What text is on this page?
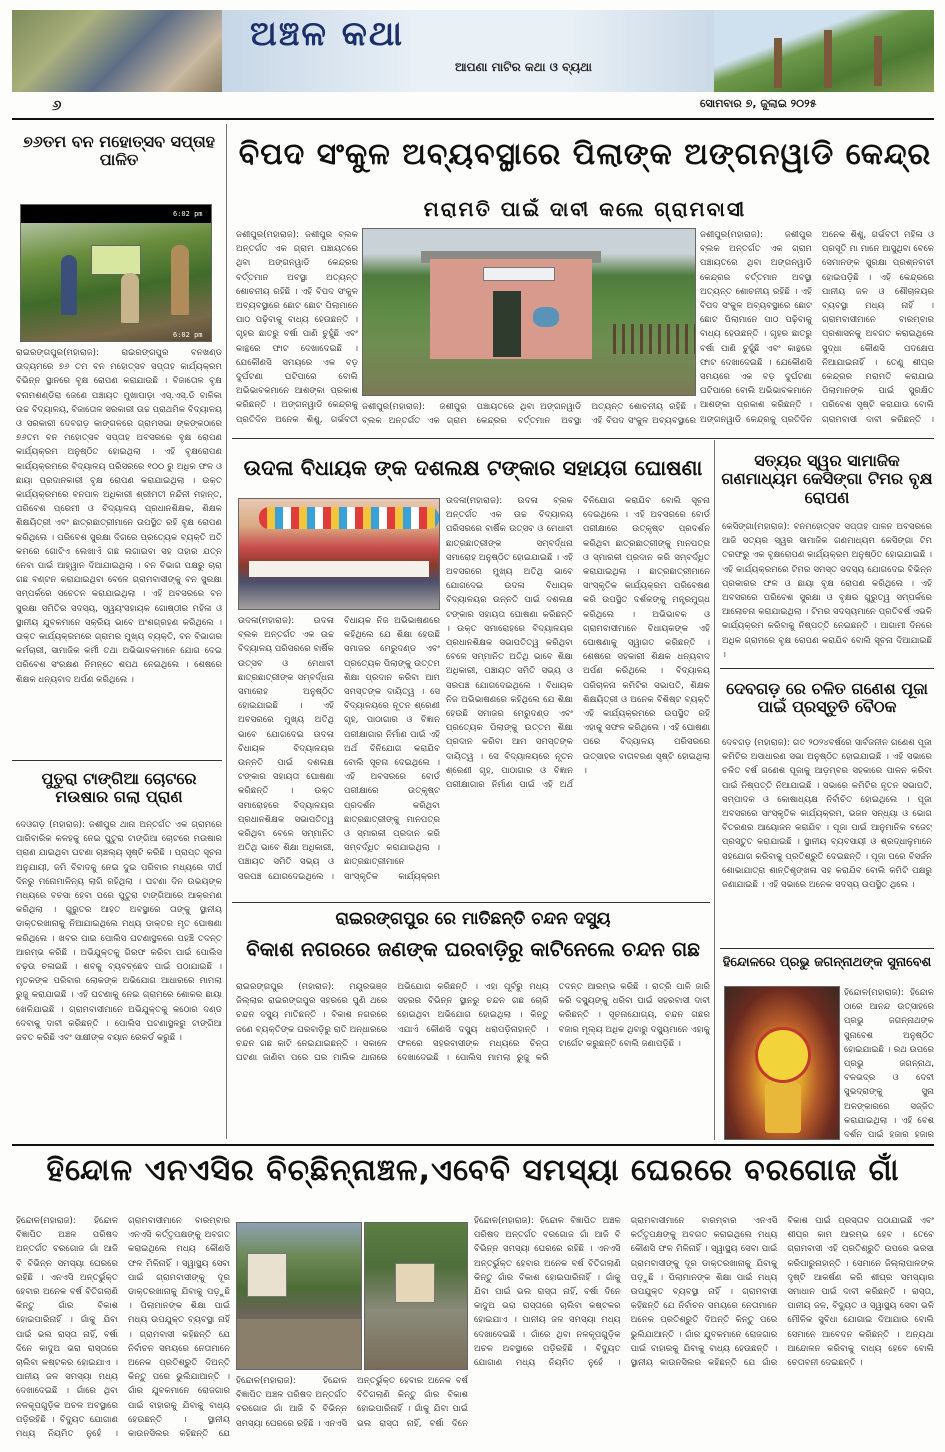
ଅଞ୍ଚଳ କଥା
ଆପଣା ମାଟିର କଥା ଓ ବ୍ୟଥା
୬	ସୋମବାର ୭, ଜୁଲାଇ ୨୦୨୫
୭୬ତମ ବନ ମହୋତ୍ସବ ସପ୍ତାହ ପାଳିତ
6:02 pm
6:02 pm
ରାଇରଙ୍ଗପୁର(ମହାରାଜ): ରାଇରଙ୍ଗପୁର ବନଖଣ୍ଡ ଉଦ୍ୟମରେ ୭୬ ତମ ବନ ମହୋତ୍ସବ ସପ୍ତାହ କାର୍ଯ୍ୟକ୍ରମ ବିଭିନ୍ନ ସ୍ଥାନରେ ବୃକ୍ଷ ରୋପଣ କରାଯାଉଛି । ବିଜାତୋଳ ବୃକ୍ଷ ବନାମଶଣ୍ଡିରା ଜେଣେ ପଞ୍ଚାୟତ ମୁଖାପାଡ଼ା ଏସ୍.ଏସ୍.ଡି ବାଳିକା ଉଚ୍ଚ ବିଦ୍ୟାଳୟ, ବିଜାତୋଳ ସରକାରୀ ଉଚ୍ଚ ପ୍ରାଥମିକ ବିଦ୍ୟାଳୟ ଓ ସରକାରୀ ଦେବଗଡ଼ କାଙ୍ଗଳରେ ଗ୍ରାମସଭା ଙ୍କଙ୍କଠାରେ ୭୬ତମ ବନ ମହୋତ୍ସବ ସପ୍ତାହ ଅବସରରେ ବୃକ୍ଷ ରୋପଣ କାର୍ଯ୍ୟକ୍ରମ ଅନୁଷ୍ଠିତ ହୋଇଥିଲା । ଏହି ବୃକ୍ଷରୋପଣ କାର୍ଯ୍ୟକ୍ରମରେ ବିଦ୍ୟାଳୟ ପରିସରରେ ୧୦୦ ରୁ ଅଧିକ ଫଳ ଓ ଛାୟା ପ୍ରଦାନକାରୀ ବୃକ୍ଷ ରୋପଣ କରାଯାଇଥିଲା । ଉକ୍ତ କାର୍ଯ୍ୟକ୍ରମରେ ବନପାଳ ଅଧିକାରୀ ଶ୍ରୀମତୀ ନନ୍ଦିନୀ ମହାନ୍ତ, ପରିବେଶ ପ୍ରେମୀ ଓ ବିଦ୍ୟାଳୟ ପ୍ରଧାନଶିକ୍ଷକ, ଶିକ୍ଷକ ଶିକ୍ଷୟିତ୍ରୀ ଏବଂ ଛାତ୍ରଛାତ୍ରୀମାନେ ଉପସ୍ଥିତ ରହି ବୃକ୍ଷ ରୋପଣ କରିଥିଲେ । ପରିବେଶ ସୁରକ୍ଷା ଦିଗରେ ପ୍ରତ୍ୟେକ ବ୍ୟକ୍ତି ଅତି କମରେ ଗୋଟିଏ ଲେଖାଏଁ ଗଛ ଲଗାଇବା ସହ ତାହାର ଯତ୍ନ ନେବା ପାଇଁ ଆହ୍ୱାନ ଦିଆଯାଇଥିଲା । ବନ ବିଭାଗ ପକ୍ଷରୁ ଚାରା ଗଛ ବଣ୍ଟନ କରାଯାଇଥିବା ବେଳେ ଗ୍ରାମବାସୀଙ୍କୁ ବନ ସୁରକ୍ଷା ସମ୍ପର୍କରେ ସଚେତନ କରାଯାଇଥିଲା । ଏହି ଅବସରରେ ବନ ସୁରକ୍ଷା ସମିତିର ସଦସ୍ୟ, ସ୍ୱୟଂସହାୟକ ଗୋଷ୍ଠୀର ମହିଳା ଓ ସ୍ଥାନୀୟ ଯୁବକମାନେ ସକ୍ରିୟ ଭାବେ ଅଂଶଗ୍ରହଣ କରିଥିଲେ । ଉକ୍ତ କାର୍ଯ୍ୟକ୍ରମରେ ଗ୍ରାମର ମୁଖ୍ୟ ବ୍ୟକ୍ତି, ବନ ବିଭାଗର କର୍ମଚାରୀ, ସାମାଜିକ କର୍ମୀ ତଥା ଅଭିଭାବକମାନେ ଯୋଗ ଦେଇ ପରିବେଶ ସଂରକ୍ଷଣ ନିମନ୍ତେ ଶପଥ ନେଇଥିଲେ । ଶେଷରେ ଶିକ୍ଷକ ଧନ୍ୟବାଦ ଅର୍ପଣ କରିଥିଲେ ।
ପୁତୁରା ଟାଙ୍ଗିଆ ଚୋଟରେ ମଉଷାର ଗଲା ପ୍ରାଣ
ଦେଓଗଡ଼ (ମହାରାଜ): ଜଶୀପୁର ଥାନା ଅନ୍ତର୍ଗତ ଏକ ଗ୍ରାମରେ ପାରିବାରିକ କଳହକୁ ନେଇ ପୁତୁରା ଟାଙ୍ଗିଆ ଚୋଟରେ ମଉଷାର ପ୍ରାଣ ଯାଇଥିବା ଘଟଣା ଚାଞ୍ଚଲ୍ୟ ସୃଷ୍ଟି କରିଛି । ପ୍ରାପ୍ତ ସୂଚନା ଅନୁଯାୟୀ, ଜମି ବିବାଦକୁ ନେଇ ଦୁଇ ପରିବାର ମଧ୍ୟରେ ଦୀର୍ଘ ଦିନରୁ ମନୋମାଳିନ୍ୟ ଲାଗି ରହିଥିଲା । ଘଟଣା ଦିନ ଉଭୟଙ୍କ ମଧ୍ୟରେ ବଚସା ହେବା ପରେ ପୁତୁରା ଟାଙ୍ଗିଆରେ ଆକ୍ରମଣ କରିଥିଲା । ଗୁରୁତର ଆହତ ଅବସ୍ଥାରେ ତାଙ୍କୁ ସ୍ଥାନୀୟ ଡାକ୍ତରଖାନାକୁ ନିଆଯାଇଥିଲେ ମଧ୍ୟ ଡାକ୍ତର ମୃତ ଘୋଷଣା କରିଥିଲେ । ଖବର ପାଇ ପୋଲିସ ଘଟଣାସ୍ଥଳରେ ପହଞ୍ଚି ତଦନ୍ତ ଆରମ୍ଭ କରିଛି । ଅଭିଯୁକ୍ତକୁ ଗିରଫ କରିବା ପାଇଁ ପୋଲିସ ଚଢ଼ଉ ଚଳାଇଛି । ଶବକୁ ବ୍ୟବଚ୍ଛେଦ ପାଇଁ ପଠାଯାଇଛି । ମୃତକଙ୍କ ପରିବାର ଲୋକଙ୍କ ଅଭିଯୋଗ ଆଧାରରେ ମାମଲା ରୁଜୁ କରାଯାଇଛି । ଏହି ଘଟଣାକୁ ନେଇ ଗ୍ରାମରେ ଶୋକର ଛାୟା ଖେଳିଯାଇଛି । ଗ୍ରାମବାସୀମାନେ ଅଭିଯୁକ୍ତକୁ କଠୋର ଦଣ୍ଡ ଦେବାକୁ ଦାବୀ କରିଛନ୍ତି । ପୋଲିସ ଘଟଣାସ୍ଥଳରୁ ଟାଙ୍ଗିଆ ଜବତ କରିଛି ଏବଂ ସାକ୍ଷୀଙ୍କ ବୟାନ ରେକର୍ଡ କରୁଛି ।
ବିପଦ ସଂକୁଳ ଅବ୍ୟବସ୍ଥାରେ ପିଲାଙ୍କ ଅଙ୍ଗନୱାଡି କେନ୍ଦ୍ର
ମରାମତି ପାଇଁ ଦାବୀ କଲେ ଗ୍ରାମବାସୀ
ଜଶୀପୁର(ମହାରାଜ): ଜଶୀପୁର ବ୍ଲକ ଅନ୍ତର୍ଗତ ଏକ ଗ୍ରାମ ପଞ୍ଚାୟତରେ ଥିବା ଅଙ୍ଗନୱାଡି କେନ୍ଦ୍ରର ବର୍ତ୍ତମାନ ଅବସ୍ଥା ଅତ୍ୟନ୍ତ ଶୋଚନୀୟ ରହିଛି । ଏହି ବିପଦ ସଂକୁଳ ଅବ୍ୟବସ୍ଥାରେ ଛୋଟ ଛୋଟ ପିଲାମାନେ ପାଠ ପଢ଼ିବାକୁ ବାଧ୍ୟ ହେଉଛନ୍ତି । ଗୃହର ଛାତରୁ ବର୍ଷା ପାଣି ଚୁହୁଁଛି ଏବଂ କାନ୍ଥରେ ଫାଟ ଦେଖାଦେଇଛି । ଯେକୌଣସି ସମୟରେ ଏକ ବଡ଼ ଦୁର୍ଘଟଣା ଘଟିପାରେ ବୋଲି ଅଭିଭାବକମାନେ ଆଶଙ୍କା ପ୍ରକାଶ କରିଛନ୍ତି । ଅଙ୍ଗନୱାଡି କେନ୍ଦ୍ରକୁ ପ୍ରତିଦିନ ଅନେକ ଶିଶୁ, ଗର୍ଭବତୀ
ଜଶୀପୁର(ମହାରାଜ): ଜଶୀପୁର ବ୍ଲକ ଅନ୍ତର୍ଗତ ଏକ ଗ୍ରାମ ପଞ୍ଚାୟତରେ ଥିବା ଅଙ୍ଗନୱାଡି କେନ୍ଦ୍ରର ବର୍ତ୍ତମାନ ଅବସ୍ଥା ଅତ୍ୟନ୍ତ ଶୋଚନୀୟ ରହିଛି । ଏହି ବିପଦ ସଂକୁଳ ଅବ୍ୟବସ୍ଥାରେ
ଜଶୀପୁର(ମହାରାଜ): ଜଶୀପୁର ବ୍ଲକ ଅନ୍ତର୍ଗତ ଏକ ଗ୍ରାମ ପଞ୍ଚାୟତରେ ଥିବା ଅଙ୍ଗନୱାଡି କେନ୍ଦ୍ରର ବର୍ତ୍ତମାନ ଅବସ୍ଥା ଅତ୍ୟନ୍ତ ଶୋଚନୀୟ ରହିଛି । ଏହି ବିପଦ ସଂକୁଳ ଅବ୍ୟବସ୍ଥାରେ ଛୋଟ ଛୋଟ ପିଲାମାନେ ପାଠ ପଢ଼ିବାକୁ ବାଧ୍ୟ ହେଉଛନ୍ତି । ଗୃହର ଛାତରୁ ବର୍ଷା ପାଣି ଚୁହୁଁଛି ଏବଂ କାନ୍ଥରେ ଫାଟ ଦେଖାଦେଇଛି । ଯେକୌଣସି ସମୟରେ ଏକ ବଡ଼ ଦୁର୍ଘଟଣା ଘଟିପାରେ ବୋଲି ଅଭିଭାବକମାନେ ଆଶଙ୍କା ପ୍ରକାଶ କରିଛନ୍ତି । ଅଙ୍ଗନୱାଡି କେନ୍ଦ୍ରକୁ ପ୍ରତିଦିନ ଅନେକ ଶିଶୁ, ଗର୍ଭବତୀ ମହିଳା ଓ ପ୍ରସୂତି ମା ମାନେ ଆସୁଥିବା ବେଳେ ସେମାନଙ୍କ ସୁରକ୍ଷା ପ୍ରଶ୍ନବାଚୀ ହୋଇପଡ଼ିଛି । ଏହି କେନ୍ଦ୍ରରେ ପାନୀୟ ଜଳ ଓ ଶୌଚାଳୟର ବ୍ୟବସ୍ଥା ମଧ୍ୟ ନାହିଁ । ଗ୍ରାମବାସୀମାନେ ବାରମ୍ବାର ପ୍ରଶାସନକୁ ଅବଗତ କରାଇଥିଲେ ସୁଦ୍ଧା କୌଣସି ପଦକ୍ଷେପ ନିଆଯାଇନାହିଁ । ତେଣୁ ଶୀଘ୍ର କେନ୍ଦ୍ରର ମରାମତି କରାଯାଇ ପିଲାମାନଙ୍କ ପାଇଁ ସୁରକ୍ଷିତ ପରିବେଶ ସୃଷ୍ଟି କରାଯାଉ ବୋଲି ଗ୍ରାମବାସୀ ଦାବୀ କରିଛନ୍ତି ।
ଉଦଳା ବିଧାୟକ ଙ୍କ ଦଶଲକ୍ଷ ଟଙ୍କାର ସହାୟତା ଘୋଷଣା
ଉଦଳା(ମହାରାଜ): ଉଦଳା ବ୍ଲକ ଅନ୍ତର୍ଗତ ଏକ ଉଚ୍ଚ ବିଦ୍ୟାଳୟ ପରିସରରେ ବାର୍ଷିକ ଉତ୍ସବ ଓ ମେଧାବୀ ଛାତ୍ରଛାତ୍ରୀଙ୍କ ସମ୍ବର୍ଦ୍ଧନା ସମାରୋହ ଅନୁଷ୍ଠିତ ହୋଇଯାଇଛି । ଏହି ଅବସରରେ ମୁଖ୍ୟ ଅତିଥି ଭାବେ ଯୋଗଦେଇ ଉଦଳା ବିଧାୟକ ବିଦ୍ୟାଳୟର ଉନ୍ନତି ପାଇଁ ଦଶଲକ୍ଷ ଟଙ୍କାର ସହାୟତା ଘୋଷଣା କରିଛନ୍ତି । ଉକ୍ତ ସମାରୋହରେ ବିଦ୍ୟାଳୟର ପ୍ରଧାନଶିକ୍ଷକ ସଭାପତିତ୍ୱ କରିଥିବା ବେଳେ ସମ୍ମାନିତ ଅତିଥି ଭାବେ ଶିକ୍ଷା ଅଧିକାରୀ, ପଞ୍ଚାୟତ ସମିତି ସଭ୍ୟ ଓ ସରପଞ୍ଚ ଯୋଗଦେଇଥିଲେ । ବିଧାୟକ ନିଜ ଅଭିଭାଷଣରେ କହିଥିଲେ ଯେ ଶିକ୍ଷା ହେଉଛି ସମାଜର ମେରୁଦଣ୍ଡ ଏବଂ ପ୍ରତ୍ୟେକ ପିଲାଙ୍କୁ ଉତ୍ତମ ଶିକ୍ଷା ପ୍ରଦାନ କରିବା ଆମ ସମସ୍ତଙ୍କ ଦାୟିତ୍ୱ । ସେ ବିଦ୍ୟାଳୟରେ ନୂତନ ଶ୍ରେଣୀ ଗୃହ, ପାଠାଗାର ଓ ବିଜ୍ଞାନ ପରୀକ୍ଷାଗାର ନିର୍ମାଣ ପାଇଁ ଏହି ଅର୍ଥ ବିନିଯୋଗ କରାଯିବ ବୋଲି ସୂଚନା ଦେଇଥିଲେ । ଏହି ଅବସରରେ ବୋର୍ଡ ପରୀକ୍ଷାରେ ଉତ୍କୃଷ୍ଟ ପ୍ରଦର୍ଶନ କରିଥିବା ଛାତ୍ରଛାତ୍ରୀଙ୍କୁ ମାନପତ୍ର ଓ ସ୍ମାରକୀ ପ୍ରଦାନ କରି ସମ୍ବର୍ଦ୍ଧିତ କରାଯାଇଥିଲା । ଛାତ୍ରଛାତ୍ରୀମାନେ ସାଂସ୍କୃତିକ କାର୍ଯ୍ୟକ୍ରମ
ଉଦଳା(ମହାରାଜ): ଉଦଳା ବ୍ଲକ ଅନ୍ତର୍ଗତ ଏକ ଉଚ୍ଚ ବିଦ୍ୟାଳୟ ପରିସରରେ ବାର୍ଷିକ ଉତ୍ସବ ଓ ମେଧାବୀ ଛାତ୍ରଛାତ୍ରୀଙ୍କ ସମ୍ବର୍ଦ୍ଧନା ସମାରୋହ ଅନୁଷ୍ଠିତ ହୋଇଯାଇଛି । ଏହି ଅବସରରେ ମୁଖ୍ୟ ଅତିଥି ଭାବେ ଯୋଗଦେଇ ଉଦଳା ବିଧାୟକ ବିଦ୍ୟାଳୟର ଉନ୍ନତି ପାଇଁ ଦଶଲକ୍ଷ ଟଙ୍କାର ସହାୟତା ଘୋଷଣା କରିଛନ୍ତି । ଉକ୍ତ ସମାରୋହରେ ବିଦ୍ୟାଳୟର ପ୍ରଧାନଶିକ୍ଷକ ସଭାପତିତ୍ୱ କରିଥିବା ବେଳେ ସମ୍ମାନିତ ଅତିଥି ଭାବେ ଶିକ୍ଷା ଅଧିକାରୀ, ପଞ୍ଚାୟତ ସମିତି ସଭ୍ୟ ଓ ସରପଞ୍ଚ ଯୋଗଦେଇଥିଲେ । ବିଧାୟକ ନିଜ ଅଭିଭାଷଣରେ କହିଥିଲେ ଯେ ଶିକ୍ଷା ହେଉଛି ସମାଜର ମେରୁଦଣ୍ଡ ଏବଂ ପ୍ରତ୍ୟେକ ପିଲାଙ୍କୁ ଉତ୍ତମ ଶିକ୍ଷା ପ୍ରଦାନ କରିବା ଆମ ସମସ୍ତଙ୍କ ଦାୟିତ୍ୱ । ସେ ବିଦ୍ୟାଳୟରେ ନୂତନ ଶ୍ରେଣୀ ଗୃହ, ପାଠାଗାର ଓ ବିଜ୍ଞାନ ପରୀକ୍ଷାଗାର ନିର୍ମାଣ ପାଇଁ ଏହି ଅର୍ଥ ବିନିଯୋଗ କରାଯିବ ବୋଲି ସୂଚନା ଦେଇଥିଲେ । ଏହି ଅବସରରେ ବୋର୍ଡ ପରୀକ୍ଷାରେ ଉତ୍କୃଷ୍ଟ ପ୍ରଦର୍ଶନ କରିଥିବା ଛାତ୍ରଛାତ୍ରୀଙ୍କୁ ମାନପତ୍ର ଓ ସ୍ମାରକୀ ପ୍ରଦାନ କରି ସମ୍ବର୍ଦ୍ଧିତ କରାଯାଇଥିଲା । ଛାତ୍ରଛାତ୍ରୀମାନେ ସାଂସ୍କୃତିକ କାର୍ଯ୍ୟକ୍ରମ ପରିବେଷଣ କରି ଉପସ୍ଥିତ ଦର୍ଶକଙ୍କୁ ମନ୍ତ୍ରମୁଗ୍ଧ କରିଥିଲେ । ଅଭିଭାବକ ଓ ଗ୍ରାମବାସୀମାନେ ବିଧାୟକଙ୍କ ଏହି ଘୋଷଣାକୁ ସ୍ୱାଗତ କରିଛନ୍ତି । ଶେଷରେ ସହକାରୀ ଶିକ୍ଷକ ଧନ୍ୟବାଦ ଅର୍ପଣ କରିଥିଲେ । ବିଦ୍ୟାଳୟ ପରିଚାଳନା କମିଟିର ସଭାପତି, ଶିକ୍ଷକ ଶିକ୍ଷୟିତ୍ରୀ ଓ ଅନେକ ବିଶିଷ୍ଟ ବ୍ୟକ୍ତି ଏହି କାର୍ଯ୍ୟକ୍ରମରେ ଉପସ୍ଥିତ ରହି ଏହାକୁ ସଫଳ କରିଥିଲେ । ଏହି ଘୋଷଣା ପରେ ବିଦ୍ୟାଳୟ ପରିସରରେ ଉତ୍ସାହର ବାତାବରଣ ସୃଷ୍ଟି ହୋଇଥିଲା ।
ସତ୍ୟର ସ୍ୱର ସାମାଜିକ ଗଣମାଧ୍ୟମ କେସିଙ୍ଗା ଟିମର ବୃକ୍ଷ ରୋପଣ
କେସିଙ୍ଗା(ମହାରାଜ): ବନମହୋତ୍ସବ ସପ୍ତାହ ପାଳନ ଅବସରରେ ଆଜି ସତ୍ୟର ସ୍ୱର ସାମାଜିକ ଗଣମାଧ୍ୟମ କେସିଙ୍ଗା ଟିମ ତରଫରୁ ଏକ ବୃକ୍ଷରୋପଣ କାର୍ଯ୍ୟକ୍ରମ ଅନୁଷ୍ଠିତ ହୋଇଯାଇଛି । ଏହି କାର୍ଯ୍ୟକ୍ରମରେ ଟିମର ସମସ୍ତ ସଦସ୍ୟ ଯୋଗଦେଇ ବିଭିନ୍ନ ପ୍ରକାରର ଫଳ ଓ ଛାୟା ବୃକ୍ଷ ରୋପଣ କରିଥିଲେ । ଏହି ଅବସରରେ ପରିବେଶ ସୁରକ୍ଷା ଓ ବୃକ୍ଷର ଗୁରୁତ୍ୱ ସମ୍ପର୍କରେ ଆଲୋଚନା କରାଯାଇଥିଲା । ଟିମର ସଦସ୍ୟମାନେ ପ୍ରତିବର୍ଷ ଏଭଳି କାର୍ଯ୍ୟକ୍ରମ କରିବାକୁ ନିଷ୍ପତ୍ତି ନେଇଛନ୍ତି । ଆଗାମୀ ଦିନରେ ଅଧିକ ଗ୍ରାମରେ ବୃକ୍ଷ ରୋପଣ କରାଯିବ ବୋଲି ସୂଚନା ଦିଆଯାଇଛି ।
ଦେବଗଡ଼ ରେ ଚଳିତ ଗଣେଶ ପୂଜା ପାଇଁ ପ୍ରସ୍ତୁତି ବୈଠକ
ଦେବଗଡ଼ (ମହାରାଜ): ଗତ ୨୦୨୪ବର୍ଷରେ ସାର୍ବଜନୀନ ଗଣେଶ ପୂଜା କମିଟିର ଅସାଧାରଣ ସଭା ଅନୁଷ୍ଠିତ ହୋଇଯାଇଛି । ଏହି ସଭାରେ ଚଳିତ ବର୍ଷ ଗଣେଶ ପୂଜାକୁ ଆଡ଼ମ୍ବର ସହକାରେ ପାଳନ କରିବା ପାଇଁ ନିଷ୍ପତ୍ତି ନିଆଯାଇଛି । ସଭାରେ କମିଟିର ନୂତନ ସଭାପତି, ସମ୍ପାଦକ ଓ କୋଷାଧ୍ୟକ୍ଷ ନିର୍ବାଚିତ ହୋଇଥିଲେ । ପୂଜା ଅବସରରେ ସାଂସ୍କୃତିକ କାର୍ଯ୍ୟକ୍ରମ, ଭଜନ ସନ୍ଧ୍ୟା ଓ ଭୋଗ ବିତରଣର ଆୟୋଜନ କରାଯିବ । ପୂଜା ପାଇଁ ଆନୁମାନିକ ବଜେଟ୍ ପ୍ରସ୍ତୁତ କରାଯାଇଛି । ସ୍ଥାନୀୟ ବ୍ୟବସାୟୀ ଓ ଶ୍ରଦ୍ଧାଳୁମାନେ ସହଯୋଗ କରିବାକୁ ପ୍ରତିଶ୍ରୁତି ଦେଇଛନ୍ତି । ପୂଜା ପରେ ବିସର୍ଜନ ଶୋଭାଯାତ୍ରା ଶାନ୍ତିଶୃଙ୍ଖଳା ସହ କରାଯିବ ବୋଲି କମିଟି ପକ୍ଷରୁ ଜଣାଯାଇଛି । ଏହି ସଭାରେ ଅନେକ ସଦସ୍ୟ ଉପସ୍ଥିତ ଥିଲେ ।
ହିନ୍ଦୋଳରେ ପ୍ରଭୁ ଜଗନ୍ନାଥଙ୍କ ସୁନାବେଶ
ହିନ୍ଦୋଳ(ମହାରାଜ): ହିନ୍ଦୋଳ ଠାରେ ଆନନ୍ଦ ଉତ୍ସାହରେ ପ୍ରଭୁ ଜଗନ୍ନାଥଙ୍କ ସୁନାବେଶ ଅନୁଷ୍ଠିତ ହୋଇଯାଇଛି । ରଥ ଉପରେ ପ୍ରଭୁ ଜଗନ୍ନାଥ, ବଳଭଦ୍ର ଓ ଦେବୀ ସୁଭଦ୍ରାଙ୍କୁ ସୁନା ଅଳଙ୍କାରରେ ସଜ୍ଜିତ କରାଯାଇଥିଲା । ଏହି ବେଶ ଦର୍ଶନ ପାଇଁ ହଜାର ହଜାର
ରାଇରଙ୍ଗପୁର ରେ ମାତିଛନ୍ତି ଚନ୍ଦନ ଦସ୍ୟୁ
ବିକାଶ ନଗରରେ ଜଣଙ୍କ ଘରବାଡ଼ିରୁ କାଟିନେଲେ ଚନ୍ଦନ ଗଛ
ରାଇରଙ୍ଗପୁର (ମହାରାଜ): ମୟୂରଭଞ୍ଜ ଜିଲ୍ଲାର ରାଇରଙ୍ଗପୁର ସହରରେ ପୁଣି ଥରେ ଚନ୍ଦନ ଦସ୍ୟୁ ମାତିଛନ୍ତି । ବିକାଶ ନଗରରେ ଜଣେ ବ୍ୟକ୍ତିଙ୍କ ଘରବାଡ଼ିରୁ ରାତି ଅନ୍ଧାରରେ ଚନ୍ଦନ ଗଛ କାଟି ନେଇଯାଇଛନ୍ତି । ସକାଳେ ଘଟଣା ଜାଣିବା ପରେ ଘର ମାଲିକ ଥାନାରେ ଅଭିଯୋଗ କରିଛନ୍ତି । ଏହା ପୂର୍ବରୁ ମଧ୍ୟ ସହରର ବିଭିନ୍ନ ସ୍ଥାନରୁ ଚନ୍ଦନ ଗଛ ଚୋରି ହୋଇଥିବା ଅଭିଯୋଗ ହୋଇଥିଲା । କିନ୍ତୁ ଏଯାଏଁ କୌଣସି ଦସ୍ୟୁ ଧରାପଡ଼ିନାହାନ୍ତି । ଫଳରେ ସହରବାସୀଙ୍କ ମଧ୍ୟରେ ଚିନ୍ତା ଦେଖାଦେଇଛି । ପୋଲିସ ମାମଲା ରୁଜୁ କରି ତଦନ୍ତ ଆରମ୍ଭ କରିଛି । ରାତ୍ରି ପାଳି ଜାରି କରି ଦସ୍ୟୁଙ୍କୁ ଧରିବା ପାଇଁ ସହରବାସୀ ଦାବୀ କରିଛନ୍ତି । ସୂଚନାଯୋଗ୍ୟ, ଚନ୍ଦନ ଗଛର ବଜାର ମୂଲ୍ୟ ଅଧିକ ଥିବାରୁ ଦସ୍ୟୁମାନେ ଏହାକୁ ଟାର୍ଗେଟ କରୁଛନ୍ତି ବୋଲି ଜଣାପଡ଼ିଛି ।
ହିନ୍ଦୋଳ ଏନଏସିର ବିଚ୍ଛିନ୍ନାଞ୍ଚଳ,ଏବେବି ସମସ୍ୟା ଘେରରେ ବରଗୋଜ ଗାଁ
ହିନ୍ଦୋଳ(ମହାରାଜ): ହିନ୍ଦୋଳ ବିଜ୍ଞାପିତ ଅଞ୍ଚଳ ପରିଷଦ ଅନ୍ତର୍ଗତ ବରଗୋଜ ଗାଁ ଆଜି ବି ବିଭିନ୍ନ ସମସ୍ୟା ଘେରରେ ରହିଛି । ଏନଏସି ଅନ୍ତର୍ଭୁକ୍ତ ହେବାର ଅନେକ ବର୍ଷ ବିତିଗଲାଣି କିନ୍ତୁ ଗାଁର ବିକାଶ ହୋଇପାରିନାହିଁ । ଗାଁକୁ ଯିବା ପାଇଁ ଭଲ ରାସ୍ତା ନାହିଁ, ବର୍ଷା ଦିନେ କାଦୁଅ ଭରା ରାସ୍ତାରେ ଚାଲିବା କଷ୍ଟକର ହୋଇଯାଏ । ପାନୀୟ ଜଳ ସମସ୍ୟା ମଧ୍ୟ ଦେଖାଦେଇଛି । ଗାଁରେ ଥିବା ନଳକୂପଗୁଡ଼ିକ ଅଚଳ ଅବସ୍ଥାରେ ପଡ଼ିରହିଛି । ବିଦ୍ୟୁତ ଯୋଗାଣ ମଧ୍ୟ ନିୟମିତ ନୁହେଁ । ଗ୍ରାମବାସୀମାନେ ବାରମ୍ବାର ଏନଏସି କର୍ତ୍ତୃପକ୍ଷଙ୍କୁ ଅବଗତ କରାଇଥିଲେ ମଧ୍ୟ କୌଣସି ଫଳ ମିଳିନାହିଁ । ସ୍ୱାସ୍ଥ୍ୟ ସେବା ପାଇଁ ଗ୍ରାମବାସୀଙ୍କୁ ଦୂର ଡାକ୍ତରଖାନାକୁ ଯିବାକୁ ପଡ଼ୁଛି । ପିଲାମାନଙ୍କ ଶିକ୍ଷା ପାଇଁ ମଧ୍ୟ ଉପଯୁକ୍ତ ବ୍ୟବସ୍ଥା ନାହିଁ । ଗ୍ରାମବାସୀ କହିଛନ୍ତି ଯେ ନିର୍ବାଚନ ସମୟରେ ନେତାମାନେ ଅନେକ ପ୍ରତିଶ୍ରୁତି ଦିଅନ୍ତି କିନ୍ତୁ ପରେ ଭୁଲିଯାଆନ୍ତି । ଗାଁର ଯୁବକମାନେ ରୋଜଗାର ପାଇଁ ବାହାରକୁ ଯିବାକୁ ବାଧ୍ୟ ହେଉଛନ୍ତି । ସ୍ଥାନୀୟ କାଉନସିଲର କହିଛନ୍ତି ଯେ
ହିନ୍ଦୋଳ(ମହାରାଜ): ହିନ୍ଦୋଳ ବିଜ୍ଞାପିତ ଅଞ୍ଚଳ ପରିଷଦ ଅନ୍ତର୍ଗତ ବରଗୋଜ ଗାଁ ଆଜି ବି ବିଭିନ୍ନ ସମସ୍ୟା ଘେରରେ ରହିଛି । ଏନଏସି ଅନ୍ତର୍ଭୁକ୍ତ ହେବାର ଅନେକ ବର୍ଷ ବିତିଗଲାଣି କିନ୍ତୁ ଗାଁର ବିକାଶ ହୋଇପାରିନାହିଁ । ଗାଁକୁ ଯିବା ପାଇଁ ଭଲ ରାସ୍ତା ନାହିଁ, ବର୍ଷା ଦିନେ
ହିନ୍ଦୋଳ(ମହାରାଜ): ହିନ୍ଦୋଳ ବିଜ୍ଞାପିତ ଅଞ୍ଚଳ ପରିଷଦ ଅନ୍ତର୍ଗତ ବରଗୋଜ ଗାଁ ଆଜି ବି ବିଭିନ୍ନ ସମସ୍ୟା ଘେରରେ ରହିଛି । ଏନଏସି ଅନ୍ତର୍ଭୁକ୍ତ ହେବାର ଅନେକ ବର୍ଷ ବିତିଗଲାଣି କିନ୍ତୁ ଗାଁର ବିକାଶ ହୋଇପାରିନାହିଁ । ଗାଁକୁ ଯିବା ପାଇଁ ଭଲ ରାସ୍ତା ନାହିଁ, ବର୍ଷା ଦିନେ କାଦୁଅ ଭରା ରାସ୍ତାରେ ଚାଲିବା କଷ୍ଟକର ହୋଇଯାଏ । ପାନୀୟ ଜଳ ସମସ୍ୟା ମଧ୍ୟ ଦେଖାଦେଇଛି । ଗାଁରେ ଥିବା ନଳକୂପଗୁଡ଼ିକ ଅଚଳ ଅବସ୍ଥାରେ ପଡ଼ିରହିଛି । ବିଦ୍ୟୁତ ଯୋଗାଣ ମଧ୍ୟ ନିୟମିତ ନୁହେଁ । ଗ୍ରାମବାସୀମାନେ ବାରମ୍ବାର ଏନଏସି କର୍ତ୍ତୃପକ୍ଷଙ୍କୁ ଅବଗତ କରାଇଥିଲେ ମଧ୍ୟ କୌଣସି ଫଳ ମିଳିନାହିଁ । ସ୍ୱାସ୍ଥ୍ୟ ସେବା ପାଇଁ ଗ୍ରାମବାସୀଙ୍କୁ ଦୂର ଡାକ୍ତରଖାନାକୁ ଯିବାକୁ ପଡ଼ୁଛି । ପିଲାମାନଙ୍କ ଶିକ୍ଷା ପାଇଁ ମଧ୍ୟ ଉପଯୁକ୍ତ ବ୍ୟବସ୍ଥା ନାହିଁ । ଗ୍ରାମବାସୀ କହିଛନ୍ତି ଯେ ନିର୍ବାଚନ ସମୟରେ ନେତାମାନେ ଅନେକ ପ୍ରତିଶ୍ରୁତି ଦିଅନ୍ତି କିନ୍ତୁ ପରେ ଭୁଲିଯାଆନ୍ତି । ଗାଁର ଯୁବକମାନେ ରୋଜଗାର ପାଇଁ ବାହାରକୁ ଯିବାକୁ ବାଧ୍ୟ ହେଉଛନ୍ତି । ସ୍ଥାନୀୟ କାଉନସିଲର କହିଛନ୍ତି ଯେ ଗାଁର ବିକାଶ ପାଇଁ ପ୍ରସ୍ତାବ ପଠାଯାଇଛି ଏବଂ ଶୀଘ୍ର କାମ ଆରମ୍ଭ ହେବ । ତେବେ ଗ୍ରାମବାସୀ ଏହି ପ୍ରତିଶ୍ରୁତି ଉପରେ ଭରସା କରିପାରୁନାହାନ୍ତି । ସେମାନେ ଜିଲ୍ଲାପାଳଙ୍କ ଦୃଷ୍ଟି ଆକର୍ଷଣ କରି ଶୀଘ୍ର ସମସ୍ୟାର ସମାଧାନ ପାଇଁ ଦାବୀ କରିଛନ୍ତି । ରାସ୍ତା, ପାନୀୟ ଜଳ, ବିଦ୍ୟୁତ ଓ ସ୍ୱାସ୍ଥ୍ୟ ସେବା ଭଳି ମୌଳିକ ସୁବିଧା ଯୋଗାଇ ଦିଆଯାଉ ବୋଲି ସେମାନେ ଆବେଦନ କରିଛନ୍ତି । ଅନ୍ୟଥା ଆନ୍ଦୋଳନ କରିବାକୁ ବାଧ୍ୟ ହେବେ ବୋଲି ଚେତାବନୀ ଦେଇଛନ୍ତି ।
